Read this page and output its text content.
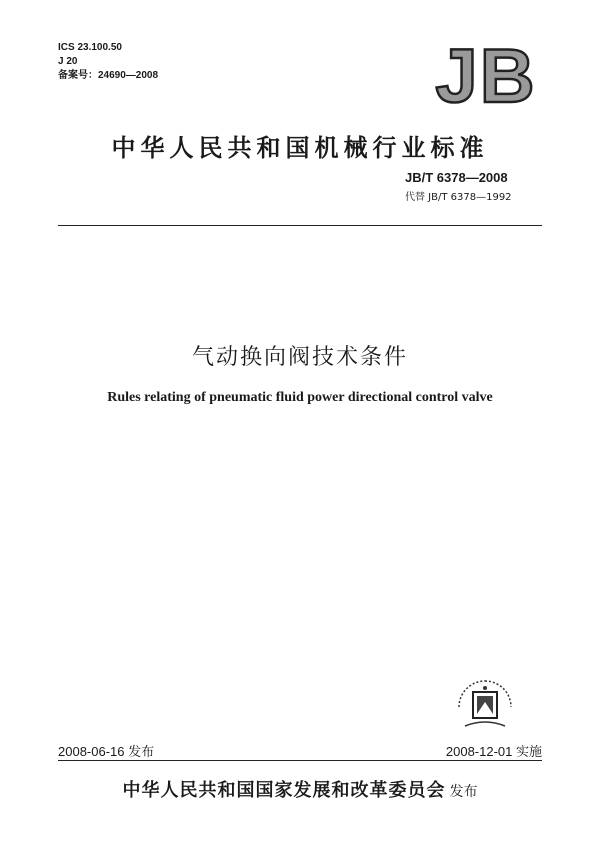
ICS 23.100.50
J 20
备案号：24690—2008	JB
中华人民共和国机械行业标准
JB/T 6378—2008
代替 JB/T 6378—1992
气动换向阀技术条件
Rules relating of pneumatic fluid power directional control valve
2008-06-16 发布	2008-12-01 实施
中华人民共和国国家发展和改革委员会 发布
